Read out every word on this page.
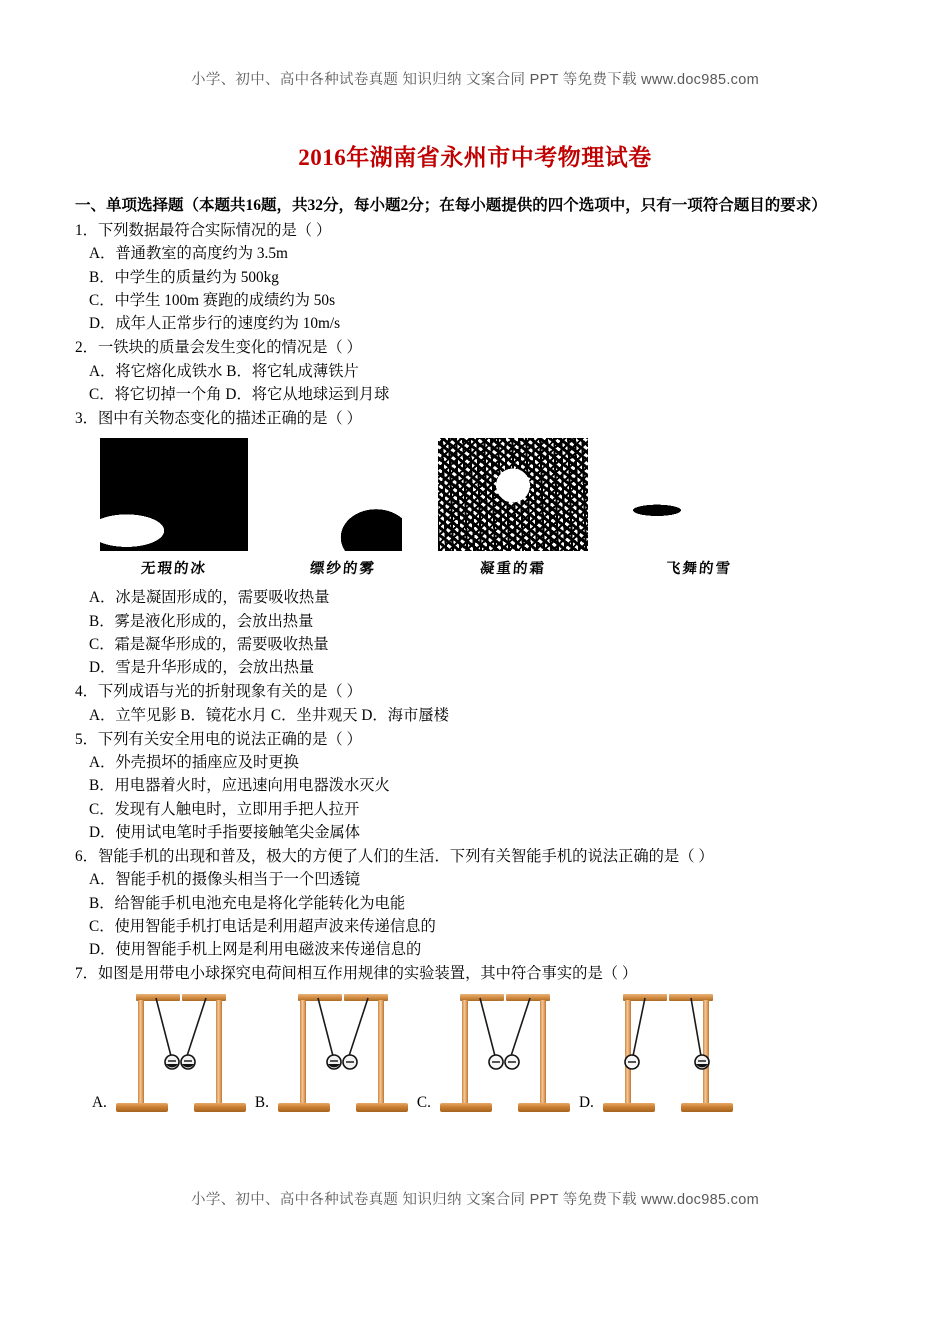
小学、初中、高中各种试卷真题 知识归纳 文案合同 PPT 等免费下载 www.doc985.com
2016年湖南省永州市中考物理试卷
一、单项选择题（本题共16题，共32分，每小题2分；在每小题提供的四个选项中，只有一项符合题目的要求）
1．下列数据最符合实际情况的是（ ）
A．普通教室的高度约为 3.5m
B．中学生的质量约为 500kg
C．中学生 100m 赛跑的成绩约为 50s
D．成年人正常步行的速度约为 10m/s
2．一铁块的质量会发生变化的情况是（ ）
A．将它熔化成铁水 B．将它轧成薄铁片
C．将它切掉一个角 D．将它从地球运到月球
3．图中有关物态变化的描述正确的是（ ）
无瑕的冰	缥纱的雾	凝重的霜	飞舞的雪
A．冰是凝固形成的，需要吸收热量
B．雾是液化形成的，会放出热量
C．霜是凝华形成的，需要吸收热量
D．雪是升华形成的，会放出热量
4．下列成语与光的折射现象有关的是（ ）
A．立竿见影 B．镜花水月 C．坐井观天 D．海市蜃楼
5．下列有关安全用电的说法正确的是（ ）
A．外壳损坏的插座应及时更换
B．用电器着火时，应迅速向用电器泼水灭火
C．发现有人触电时，立即用手把人拉开
D．使用试电笔时手指要接触笔尖金属体
6．智能手机的出现和普及，极大的方便了人们的生活．下列有关智能手机的说法正确的是（ ）
A．智能手机的摄像头相当于一个凹透镜
B．给智能手机电池充电是将化学能转化为电能
C．使用智能手机打电话是利用超声波来传递信息的
D．使用智能手机上网是利用电磁波来传递信息的
7．如图是用带电小球探究电荷间相互作用规律的实验装置，其中符合事实的是（ ）
A.	B.	C.	D.
小学、初中、高中各种试卷真题 知识归纳 文案合同 PPT 等免费下载 www.doc985.com
